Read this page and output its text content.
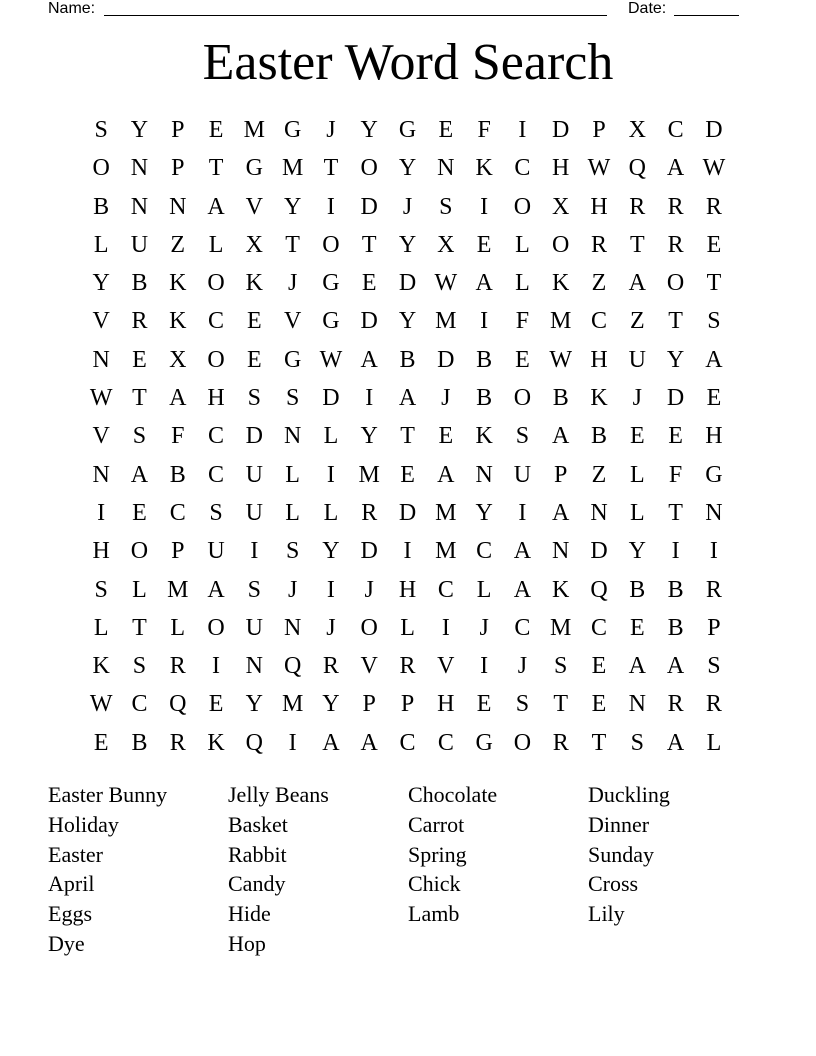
Name:	Date:
Easter Word Search
S Y P	E M G	J	Y G E	F	I	D P X C D
O N P	T G M T O Y N K C H W Q A W
B N N A V Y	I	D	J	S	I	O X H R R R
L U Z L X T O T Y X E L O R T R E
Y B K O K	J	G E D W A L K Z A O T
V R K C E V G D Y M I	F M C Z T	S
N E X O E G W A B D B E W H U Y A
W T A H S	S D	I	A	J	B O B K	J	D E
V S	F C D N L Y T E K S A B E E H
N A B C U L	I M E A N U P	Z L	F G
I	E C S U L L R D M Y	I	A N L T N
H O P U	I	S Y D	I M C A N D Y	I	I
S	L M A S	J	I	J	H C L A K Q B B R
L T L O U N	J	O L	I	J	C M C E B P
K S R	I	N Q R V R V	I	J	S	E A A S
W C Q E Y M Y P	P H E	S	T E N R R
E B R K Q	I	A A C C G O R T	S A L
Easter Bunny
Holiday
Easter
April
Eggs
Dye
Jelly Beans
Basket
Rabbit
Candy
Hide
Hop
Chocolate
Carrot
Spring
Chick
Lamb
Duckling
Dinner
Sunday
Cross
Lily
